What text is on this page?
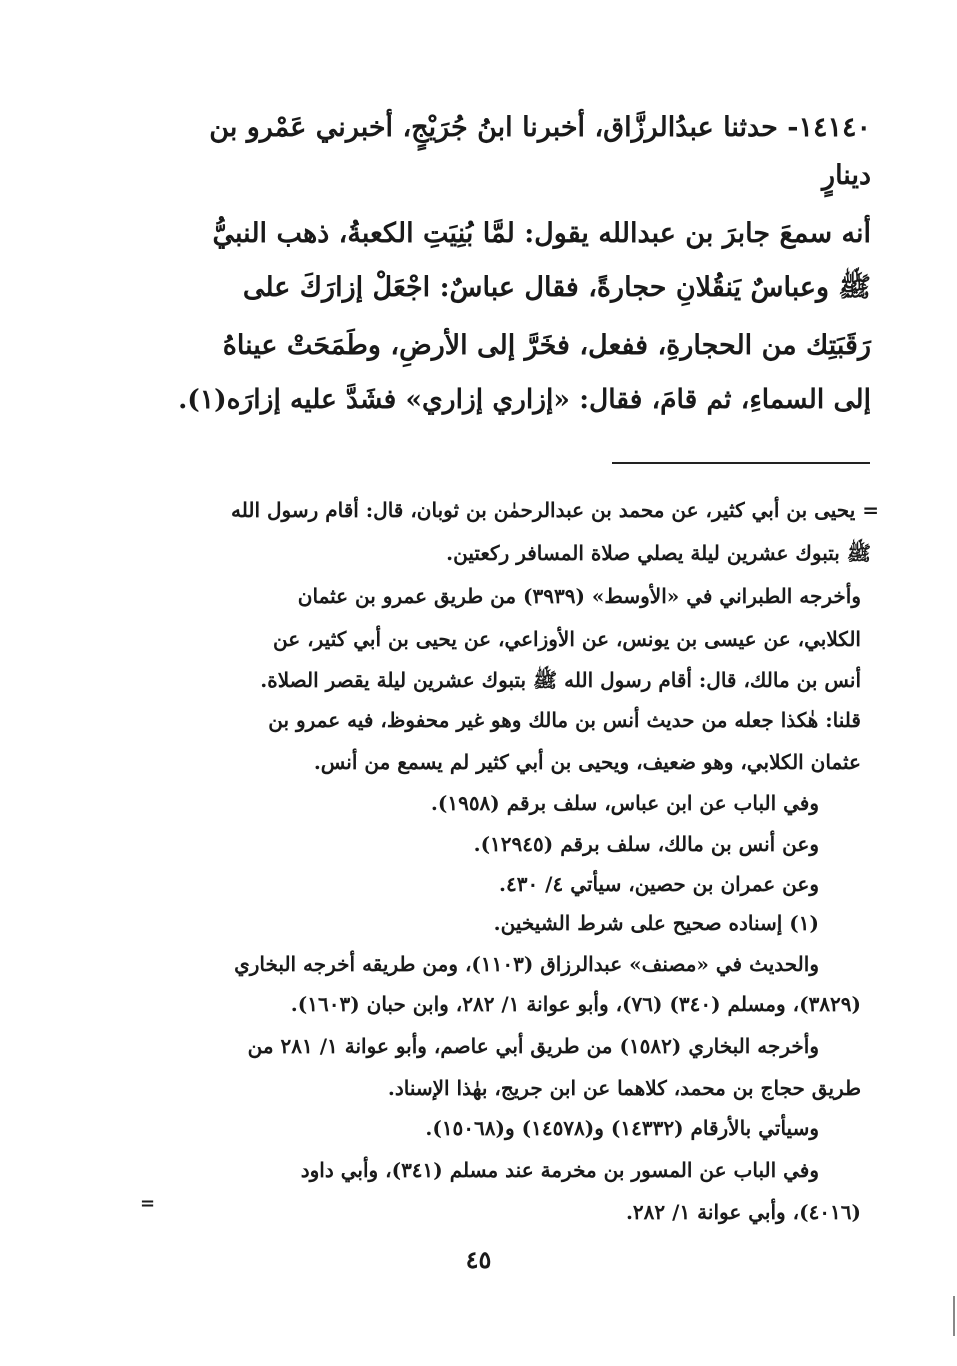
١٤١٤٠- حدثنا عبدُالرزَّاق، أخبرنا ابنُ جُرَيْجٍ، أخبرني عَمْرو بن
دينارٍ
أنه سمعَ جابرَ بن عبدالله يقول: لمَّا بُنِيَتِ الكعبةُ، ذهب النبيُّ
ﷺ وعباسٌ يَنقُلانِ حجارةً، فقال عباسٌ: اجْعَلْ إزارَكَ على
رَقَبَتِك من الحجارةِ، ففعل، فخَرَّ إلى الأرضِ، وطَمَحَتْ عيناهُ
إلى السماءِ، ثم قامَ، فقال: «إزاري إزاري» فشَدَّ عليه إزارَه(١).
= يحيى بن أبي كثير، عن محمد بن عبدالرحمٰن بن ثوبان، قال: أقام رسول الله
ﷺ بتبوك عشرين ليلة يصلي صلاة المسافر ركعتين.
وأخرجه الطبراني في «الأوسط» (٣٩٣٩) من طريق عمرو بن عثمان
الكلابي، عن عيسى بن يونس، عن الأوزاعي، عن يحيى بن أبي كثير، عن
أنس بن مالك، قال: أقام رسول الله ﷺ بتبوك عشرين ليلة يقصر الصلاة.
قلنا: هٰكذا جعله من حديث أنس بن مالك وهو غير محفوظ، فيه عمرو بن
عثمان الكلابي، وهو ضعيف، ويحيى بن أبي كثير لم يسمع من أنس.
وفي الباب عن ابن عباس، سلف برقم (١٩٥٨).
وعن أنس بن مالك، سلف برقم (١٢٩٤٥).
وعن عمران بن حصين، سيأتي ٤/ ٤٣٠.
(١) إسناده صحيح على شرط الشيخين.
والحديث في «مصنف» عبدالرزاق (١١٠٣)، ومن طريقه أخرجه البخاري
(٣٨٢٩)، ومسلم (٣٤٠) (٧٦)، وأبو عوانة ١/ ٢٨٢، وابن حبان (١٦٠٣).
وأخرجه البخاري (١٥٨٢) من طريق أبي عاصم، وأبو عوانة ١/ ٢٨١ من
طريق حجاج بن محمد، كلاهما عن ابن جريج، بهٰذا الإسناد.
وسيأتي بالأرقام (١٤٣٣٢) و(١٤٥٧٨) و(١٥٠٦٨).
وفي الباب عن المسور بن مخرمة عند مسلم (٣٤١)، وأبي داود
(٤٠١٦)، وأبي عوانة ١/ ٢٨٢.
=
٤٥
